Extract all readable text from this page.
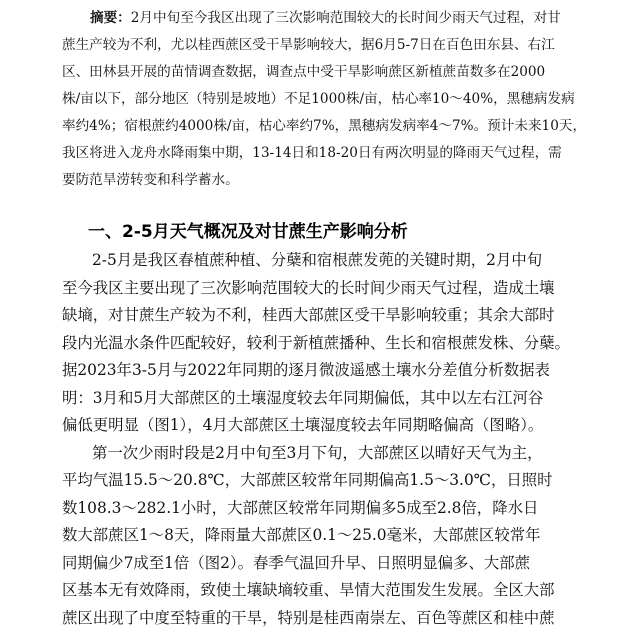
摘要：2月中旬至今我区出现了三次影响范围较大的长时间少雨天气过程，对甘
蔗生产较为不利，尤以桂西蔗区受干旱影响较大，据6月5-7日在百色田东县、右江
区、田林县开展的苗情调查数据，调查点中受干旱影响蔗区新植蔗苗数多在2000
株/亩以下，部分地区（特别是坡地）不足1000株/亩，枯心率10～40%，黑穗病发病
率约4%；宿根蔗约4000株/亩，枯心率约7%，黑穗病发病率4～7%。预计未来10天，
我区将进入龙舟水降雨集中期，13-14日和18-20日有两次明显的降雨天气过程，需
要防范旱涝转变和科学蓄水。
一、2-5月天气概况及对甘蔗生产影响分析
2-5月是我区春植蔗种植、分蘖和宿根蔗发蔸的关键时期，2月中旬
至今我区主要出现了三次影响范围较大的长时间少雨天气过程，造成土壤
缺墒，对甘蔗生产较为不利，桂西大部蔗区受干旱影响较重；其余大部时
段内光温水条件匹配较好，较利于新植蔗播种、生长和宿根蔗发株、分蘖。
据2023年3-5月与2022年同期的逐月微波遥感土壤水分差值分析数据表
明：3月和5月大部蔗区的土壤湿度较去年同期偏低，其中以左右江河谷
偏低更明显（图1），4月大部蔗区土壤湿度较去年同期略偏高（图略）。
第一次少雨时段是2月中旬至3月下旬，大部蔗区以晴好天气为主，
平均气温15.5～20.8℃，大部蔗区较常年同期偏高1.5～3.0℃，日照时
数108.3～282.1小时，大部蔗区较常年同期偏多5成至2.8倍，降水日
数大部蔗区1～8天，降雨量大部蔗区0.1～25.0毫米，大部蔗区较常年
同期偏少7成至1倍（图2）。春季气温回升早、日照明显偏多、大部蔗
区基本无有效降雨，致使土壤缺墒较重、旱情大范围发生发展。全区大部
蔗区出现了中度至特重的干旱，特别是桂西南崇左、百色等蔗区和桂中蔗
